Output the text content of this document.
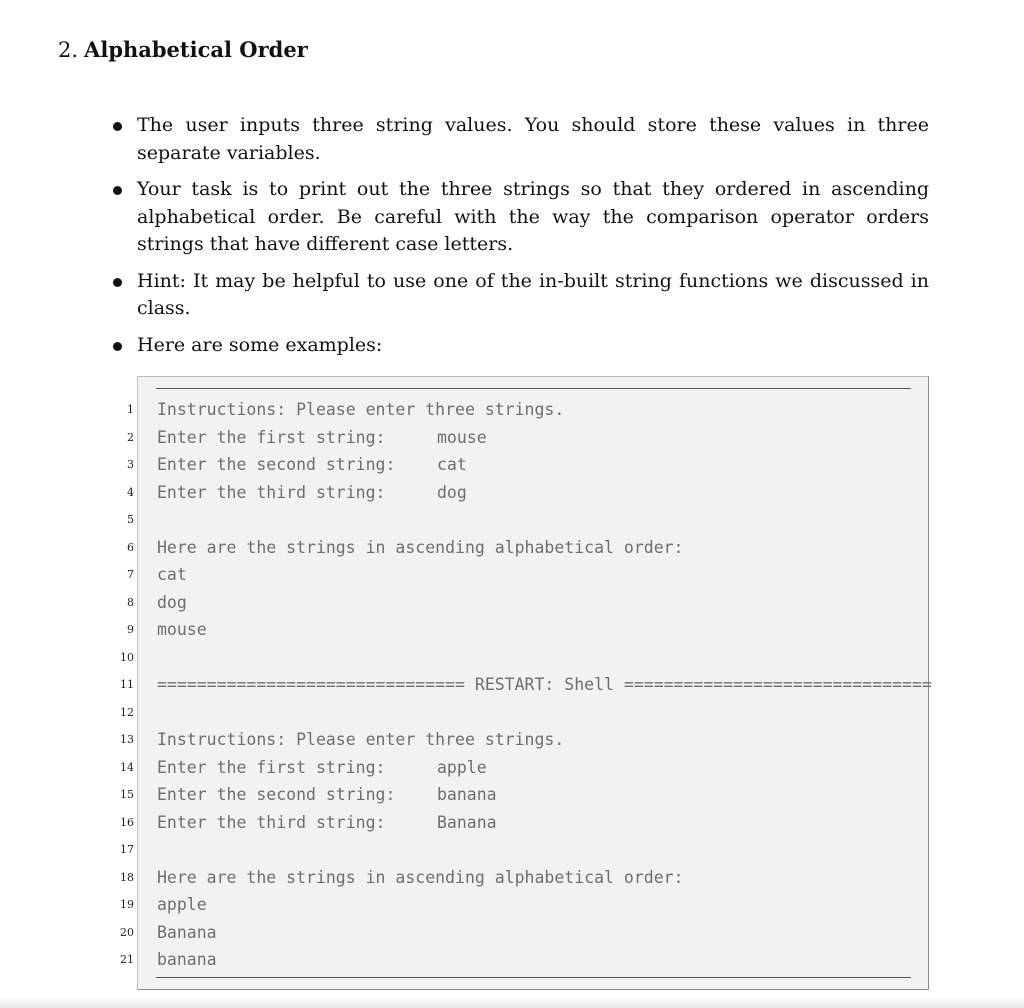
2. Alphabetical Order
The user inputs three string values. You should store these values in three separate variables.
Your task is to print out the three strings so that they ordered in ascending alphabetical order. Be careful with the way the comparison operator orders strings that have different case letters.
Hint: It may be helpful to use one of the in-built string functions we discussed in class.
Here are some examples:
1 Instructions: Please enter three strings.
2 Enter the first string:	mouse
3 Enter the second string:	cat
4 Enter the third string:	dog
5
6 Here are the strings in ascending alphabetical order:
7 cat
8 dog
9 mouse
10
11 =============================== RESTART: Shell ===============================
12
13 Instructions: Please enter three strings.
14 Enter the first string:	apple
15 Enter the second string:	banana
16 Enter the third string:	Banana
17
18 Here are the strings in ascending alphabetical order:
19 apple
20 Banana
21 banana
